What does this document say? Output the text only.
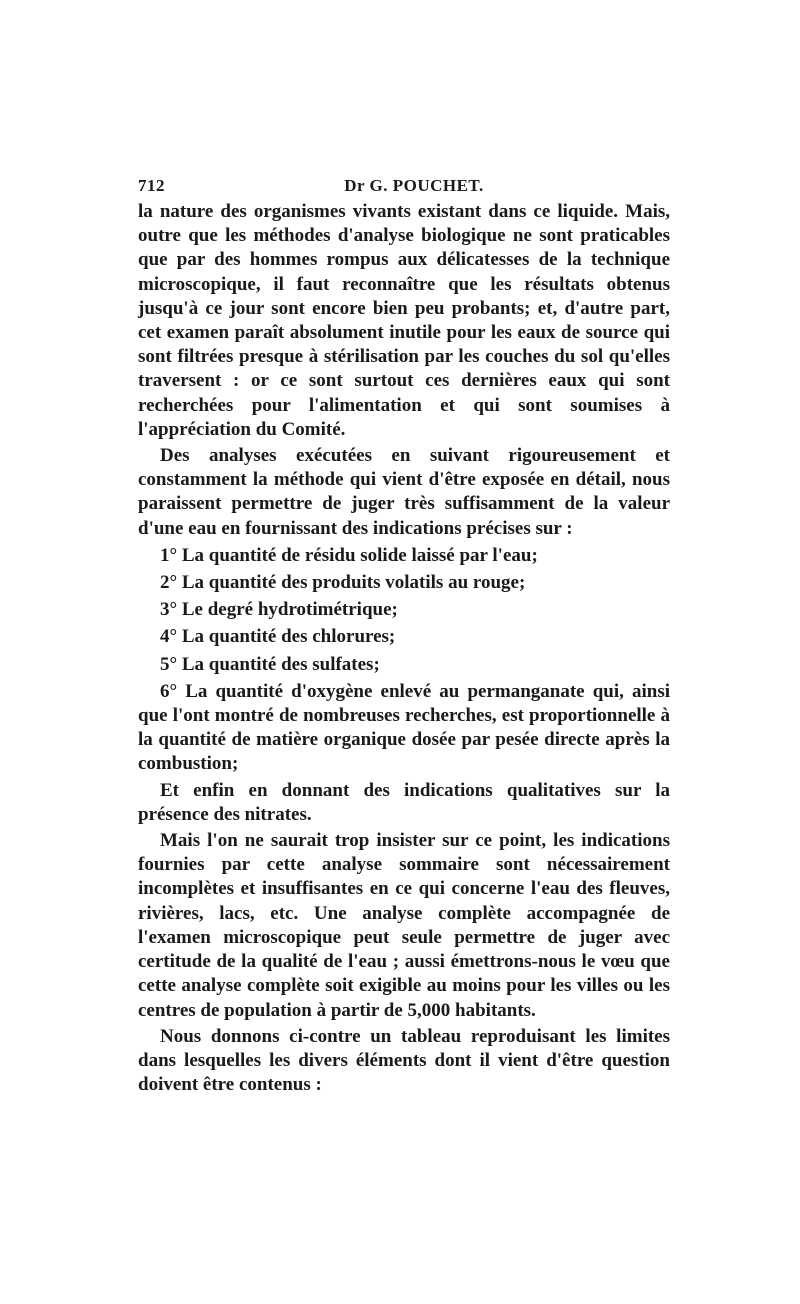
712	Dr G. POUCHET.

la nature des organismes vivants existant dans ce liquide. Mais, outre que les méthodes d'analyse biologique ne sont praticables que par des hommes rompus aux délicatesses de la technique microscopique, il faut reconnaître que les résultats obtenus jusqu'à ce jour sont encore bien peu probants; et, d'autre part, cet examen paraît absolument inutile pour les eaux de source qui sont filtrées presque à stérilisation par les couches du sol qu'elles traversent : or ce sont surtout ces dernières eaux qui sont recherchées pour l'alimentation et qui sont soumises à l'appréciation du Comité.

Des analyses exécutées en suivant rigoureusement et constamment la méthode qui vient d'être exposée en détail, nous paraissent permettre de juger très suffisamment de la valeur d'une eau en fournissant des indications précises sur :

1° La quantité de résidu solide laissé par l'eau;

2° La quantité des produits volatils au rouge;

3° Le degré hydrotimétrique;

4° La quantité des chlorures;

5° La quantité des sulfates;

6° La quantité d'oxygène enlevé au permanganate qui, ainsi que l'ont montré de nombreuses recherches, est proportionnelle à la quantité de matière organique dosée par pesée directe après la combustion;

Et enfin en donnant des indications qualitatives sur la présence des nitrates.

Mais l'on ne saurait trop insister sur ce point, les indications fournies par cette analyse sommaire sont nécessairement incomplètes et insuffisantes en ce qui concerne l'eau des fleuves, rivières, lacs, etc. Une analyse complète accompagnée de l'examen microscopique peut seule permettre de juger avec certitude de la qualité de l'eau ; aussi émettrons-nous le vœu que cette analyse complète soit exigible au moins pour les villes ou les centres de population à partir de 5,000 habitants.

Nous donnons ci-contre un tableau reproduisant les limites dans lesquelles les divers éléments dont il vient d'être question doivent être contenus :
